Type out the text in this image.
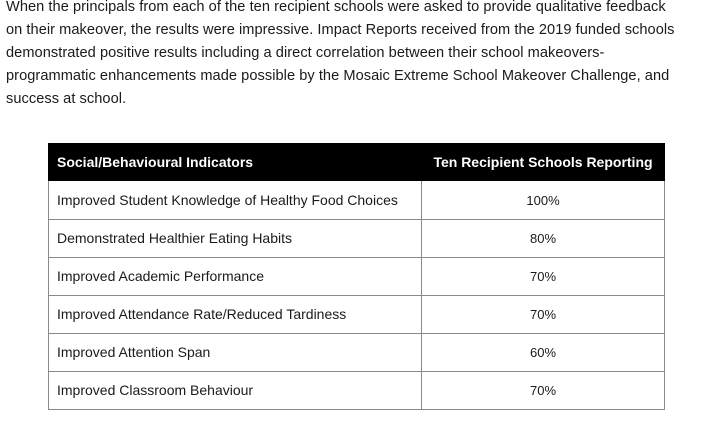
When the principals from each of the ten recipient schools were asked to provide qualitative feedback
on their makeover, the results were impressive. Impact Reports received from the 2019 funded schools
demonstrated positive results including a direct correlation between their school makeovers-
programmatic enhancements made possible by the Mosaic Extreme School Makeover Challenge, and
success at school.

Social/Behavioural Indicators	Ten Recipient Schools Reporting
Improved Student Knowledge of Healthy Food Choices	100%
Demonstrated Healthier Eating Habits	80%
Improved Academic Performance	70%
Improved Attendance Rate/Reduced Tardiness	70%
Improved Attention Span	60%
Improved Classroom Behaviour	70%
